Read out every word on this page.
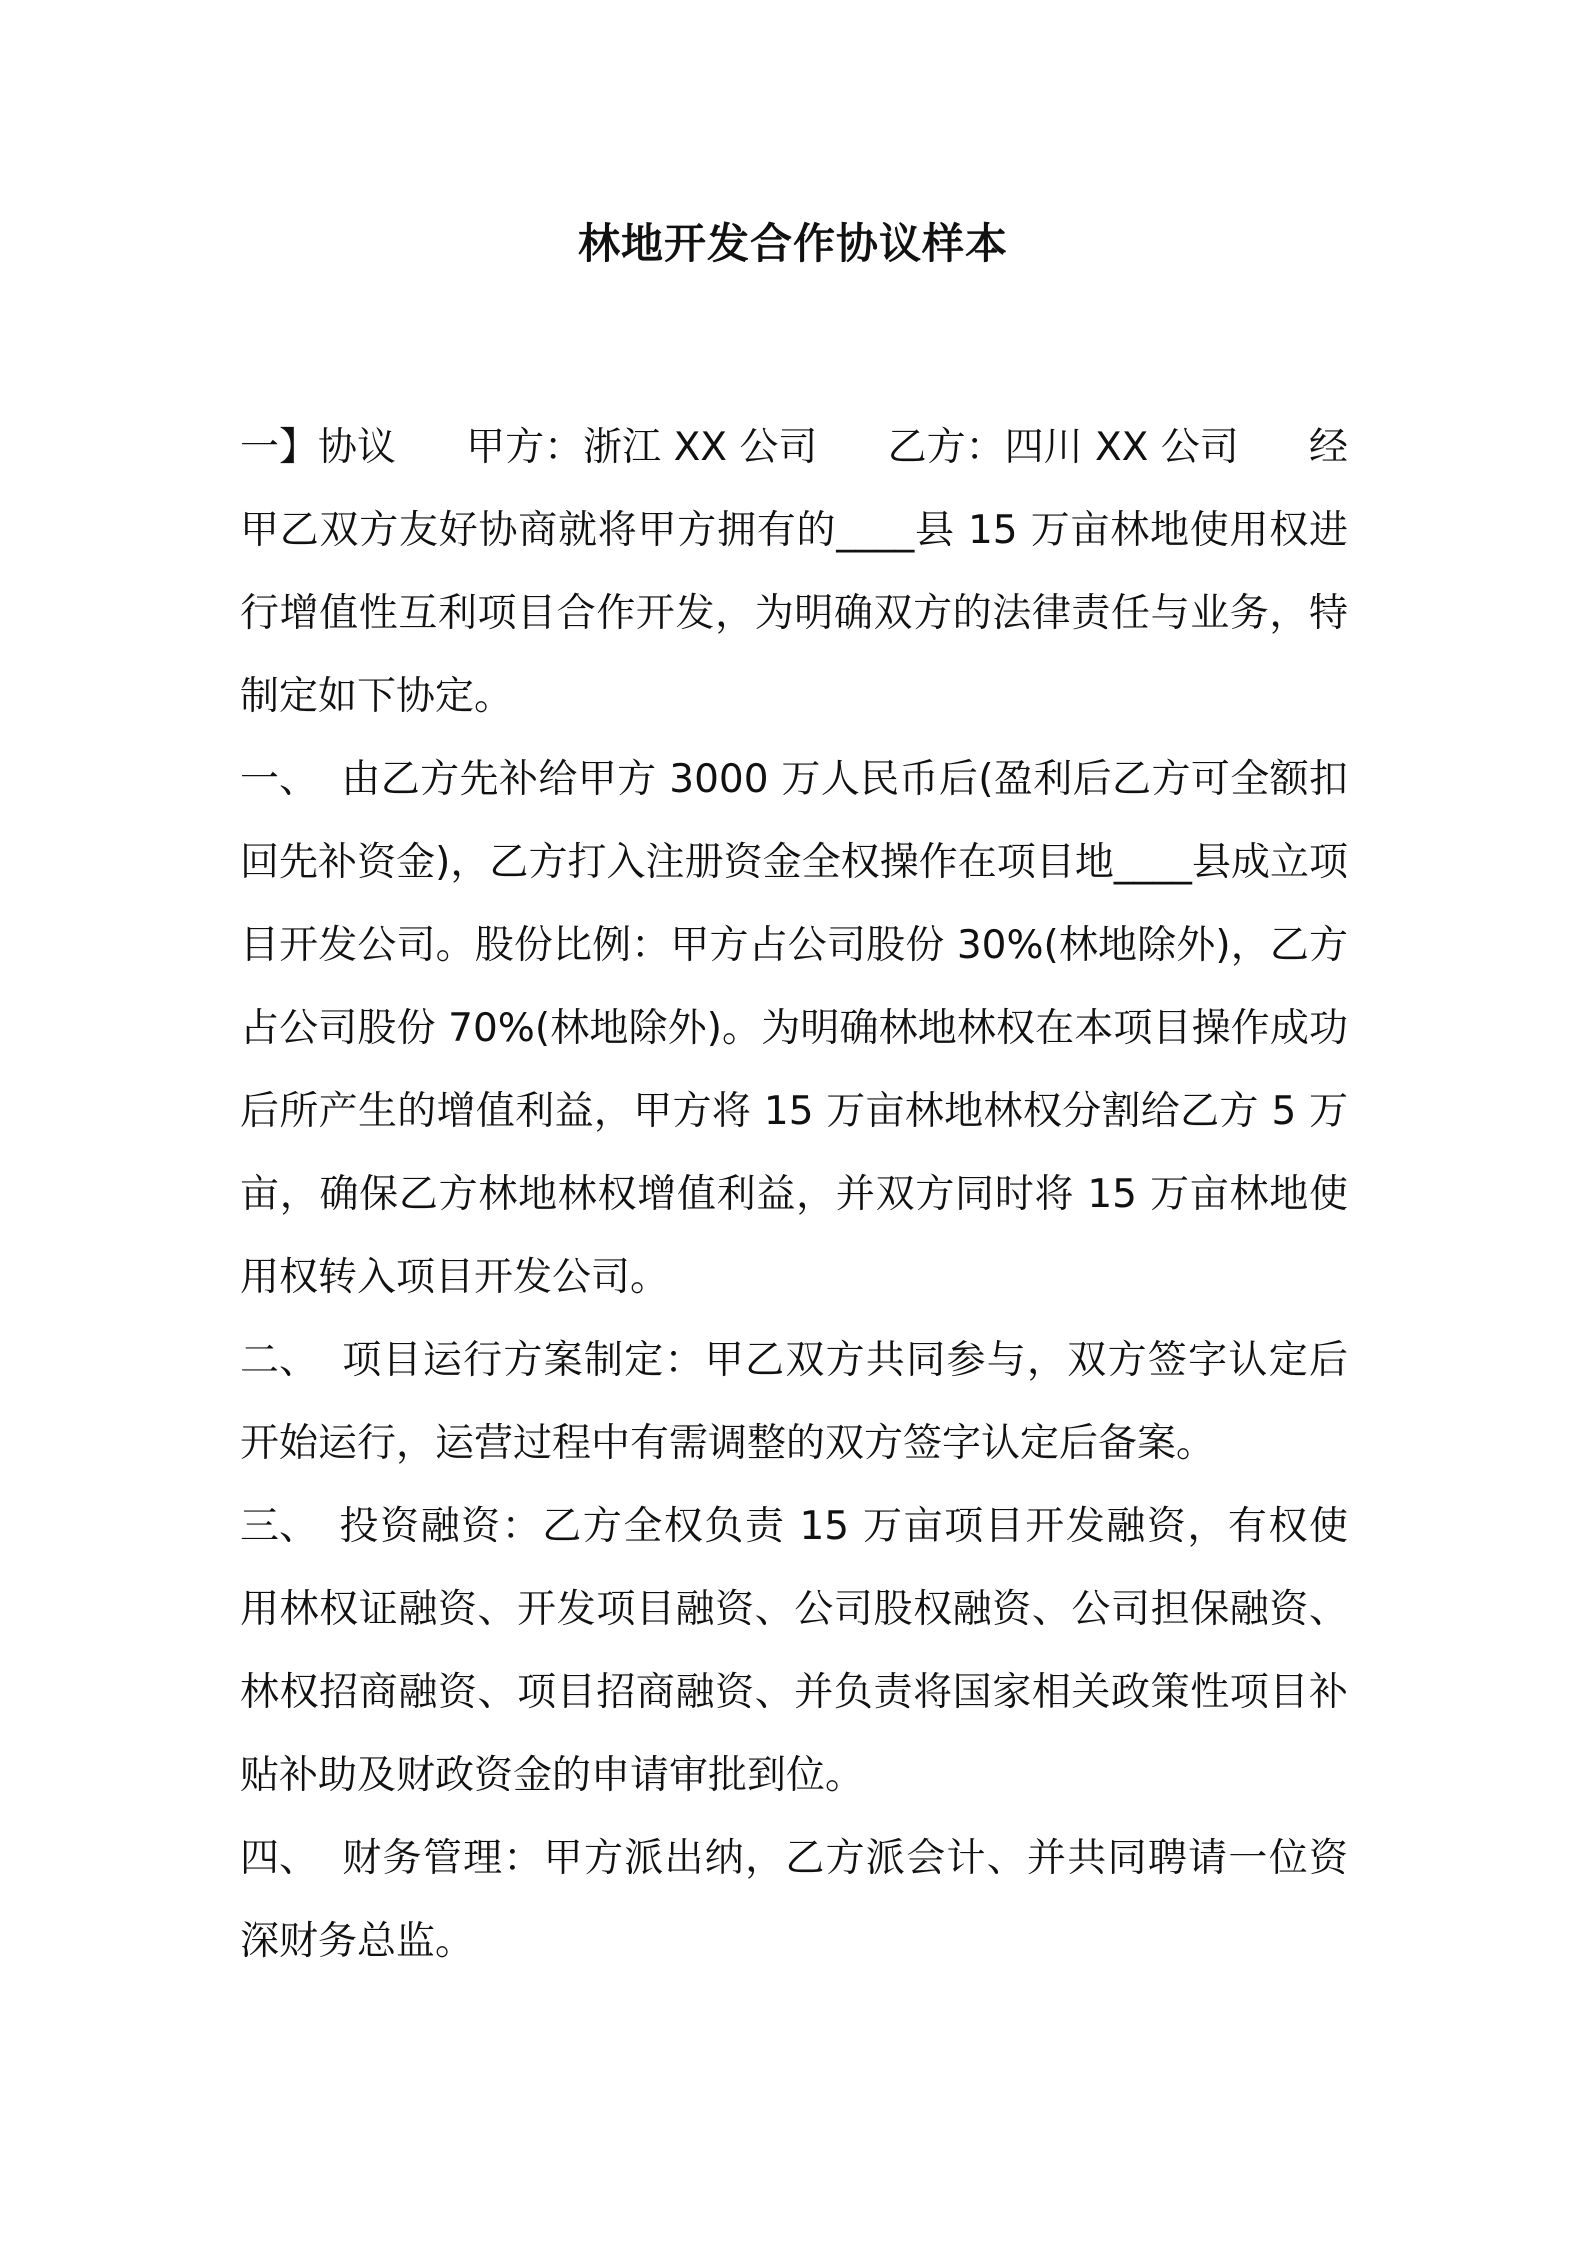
林地开发合作协议样本
一】协议 甲方：浙江 XX 公司 乙方：四川 XX 公司 经

甲乙双方友好协商就将甲方拥有的____县 15 万亩林地使用权进行增值性互利项目合作开发，为明确双方的法律责任与业务，特制定如下协定。

一、 由乙方先补给甲方 3000 万人民币后(盈利后乙方可全额扣回先补资金)，乙方打入注册资金全权操作在项目地____县成立项目开发公司。股份比例：甲方占公司股份 30%(林地除外)，乙方占公司股份 70%(林地除外)。为明确林地林权在本项目操作成功后所产生的增值利益，甲方将 15 万亩林地林权分割给乙方 5 万亩，确保乙方林地林权增值利益，并双方同时将 15 万亩林地使用权转入项目开发公司。

二、 项目运行方案制定：甲乙双方共同参与，双方签字认定后开始运行，运营过程中有需调整的双方签字认定后备案。

三、 投资融资：乙方全权负责 15 万亩项目开发融资，有权使用林权证融资、开发项目融资、公司股权融资、公司担保融资、林权招商融资、项目招商融资、并负责将国家相关政策性项目补贴补助及财政资金的申请审批到位。

四、 财务管理：甲方派出纳，乙方派会计、并共同聘请一位资深财务总监。
